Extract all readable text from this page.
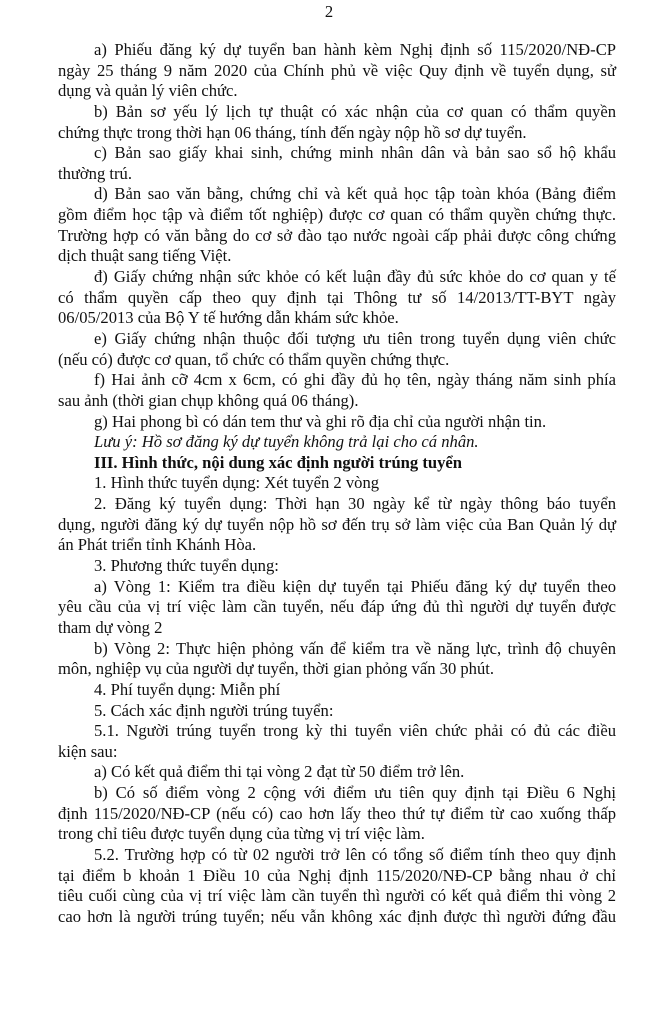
2
a) Phiếu đăng ký dự tuyển ban hành kèm Nghị định số 115/2020/NĐ-CP
ngày 25 tháng 9 năm 2020 của Chính phủ về việc Quy định về tuyển dụng, sử
dụng và quản lý viên chức.
b) Bản sơ yếu lý lịch tự thuật có xác nhận của cơ quan có thẩm quyền
chứng thực trong thời hạn 06 tháng, tính đến ngày nộp hồ sơ dự tuyển.
c) Bản sao giấy khai sinh, chứng minh nhân dân và bản sao sổ hộ khẩu
thường trú.
d) Bản sao văn bằng, chứng chỉ và kết quả học tập toàn khóa (Bảng điểm
gồm điểm học tập và điểm tốt nghiệp) được cơ quan có thẩm quyền chứng thực.
Trường hợp có văn bằng do cơ sở đào tạo nước ngoài cấp phải được công chứng
dịch thuật sang tiếng Việt.
đ) Giấy chứng nhận sức khỏe có kết luận đầy đủ sức khỏe do cơ quan y tế
có thẩm quyền cấp theo quy định tại Thông tư số 14/2013/TT-BYT ngày
06/05/2013 của Bộ Y tế hướng dẫn khám sức khỏe.
e) Giấy chứng nhận thuộc đối tượng ưu tiên trong tuyển dụng viên chức
(nếu có) được cơ quan, tổ chức có thẩm quyền chứng thực.
f) Hai ảnh cỡ 4cm x 6cm, có ghi đầy đủ họ tên, ngày tháng năm sinh phía
sau ảnh (thời gian chụp không quá 06 tháng).
g) Hai phong bì có dán tem thư và ghi rõ địa chỉ của người nhận tin.
Lưu ý: Hồ sơ đăng ký dự tuyển không trả lại cho cá nhân.
III. Hình thức, nội dung xác định người trúng tuyển
1. Hình thức tuyển dụng: Xét tuyển 2 vòng
2. Đăng ký tuyển dụng: Thời hạn 30 ngày kể từ ngày thông báo tuyển
dụng, người đăng ký dự tuyển nộp hồ sơ đến trụ sở làm việc của Ban Quản lý dự
án Phát triển tỉnh Khánh Hòa.
3. Phương thức tuyển dụng:
a) Vòng 1: Kiểm tra điều kiện dự tuyển tại Phiếu đăng ký dự tuyển theo
yêu cầu của vị trí việc làm cần tuyển, nếu đáp ứng đủ thì người dự tuyển được
tham dự vòng 2
b) Vòng 2: Thực hiện phỏng vấn để kiểm tra về năng lực, trình độ chuyên
môn, nghiệp vụ của người dự tuyển, thời gian phỏng vấn 30 phút.
4. Phí tuyển dụng: Miễn phí
5. Cách xác định người trúng tuyển:
5.1. Người trúng tuyển trong kỳ thi tuyển viên chức phải có đủ các điều
kiện sau:
a) Có kết quả điểm thi tại vòng 2 đạt từ 50 điểm trở lên.
b) Có số điểm vòng 2 cộng với điểm ưu tiên quy định tại Điều 6 Nghị
định 115/2020/NĐ-CP (nếu có) cao hơn lấy theo thứ tự điểm từ cao xuống thấp
trong chỉ tiêu được tuyển dụng của từng vị trí việc làm.
5.2. Trường hợp có từ 02 người trở lên có tổng số điểm tính theo quy định
tại điểm b khoản 1 Điều 10 của Nghị định 115/2020/NĐ-CP bằng nhau ở chỉ
tiêu cuối cùng của vị trí việc làm cần tuyển thì người có kết quả điểm thi vòng 2
cao hơn là người trúng tuyển; nếu vẫn không xác định được thì người đứng đầu
